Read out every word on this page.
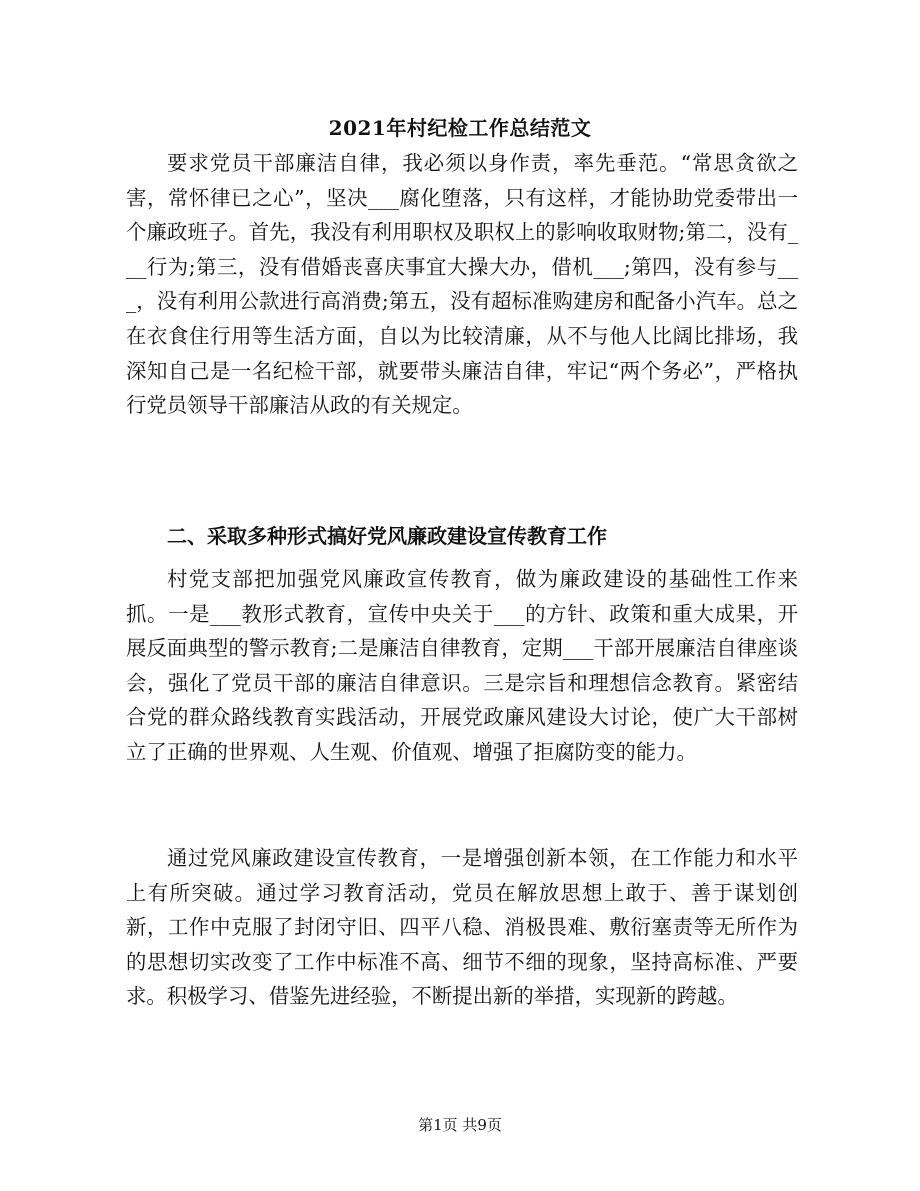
2021年村纪检工作总结范文

要求党员干部廉洁自律，我必须以身作责，率先垂范。“常思贪欲之害，常怀律已之心”，坚决___腐化堕落，只有这样，才能协助党委带出一个廉政班子。首先，我没有利用职权及职权上的影响收取财物;第二，没有___行为;第三，没有借婚丧喜庆事宜大操大办，借机___;第四，没有参与___，没有利用公款进行高消费;第五，没有超标准购建房和配备小汽车。总之在衣食住行用等生活方面，自以为比较清廉，从不与他人比阔比排场，我深知自己是一名纪检干部，就要带头廉洁自律，牢记“两个务必”，严格执行党员领导干部廉洁从政的有关规定。

二、采取多种形式搞好党风廉政建设宣传教育工作

村党支部把加强党风廉政宣传教育，做为廉政建设的基础性工作来抓。一是___教形式教育，宣传中央关于___的方针、政策和重大成果，开展反面典型的警示教育;二是廉洁自律教育，定期___干部开展廉洁自律座谈会，强化了党员干部的廉洁自律意识。三是宗旨和理想信念教育。紧密结合党的群众路线教育实践活动，开展党政廉风建设大讨论，使广大干部树立了正确的世界观、人生观、价值观、增强了拒腐防变的能力。

通过党风廉政建设宣传教育，一是增强创新本领，在工作能力和水平上有所突破。通过学习教育活动，党员在解放思想上敢于、善于谋划创新，工作中克服了封闭守旧、四平八稳、消极畏难、敷衍塞责等无所作为的思想切实改变了工作中标准不高、细节不细的现象，坚持高标准、严要求。积极学习、借鉴先进经验，不断提出新的举措，实现新的跨越。

第1页 共9页
